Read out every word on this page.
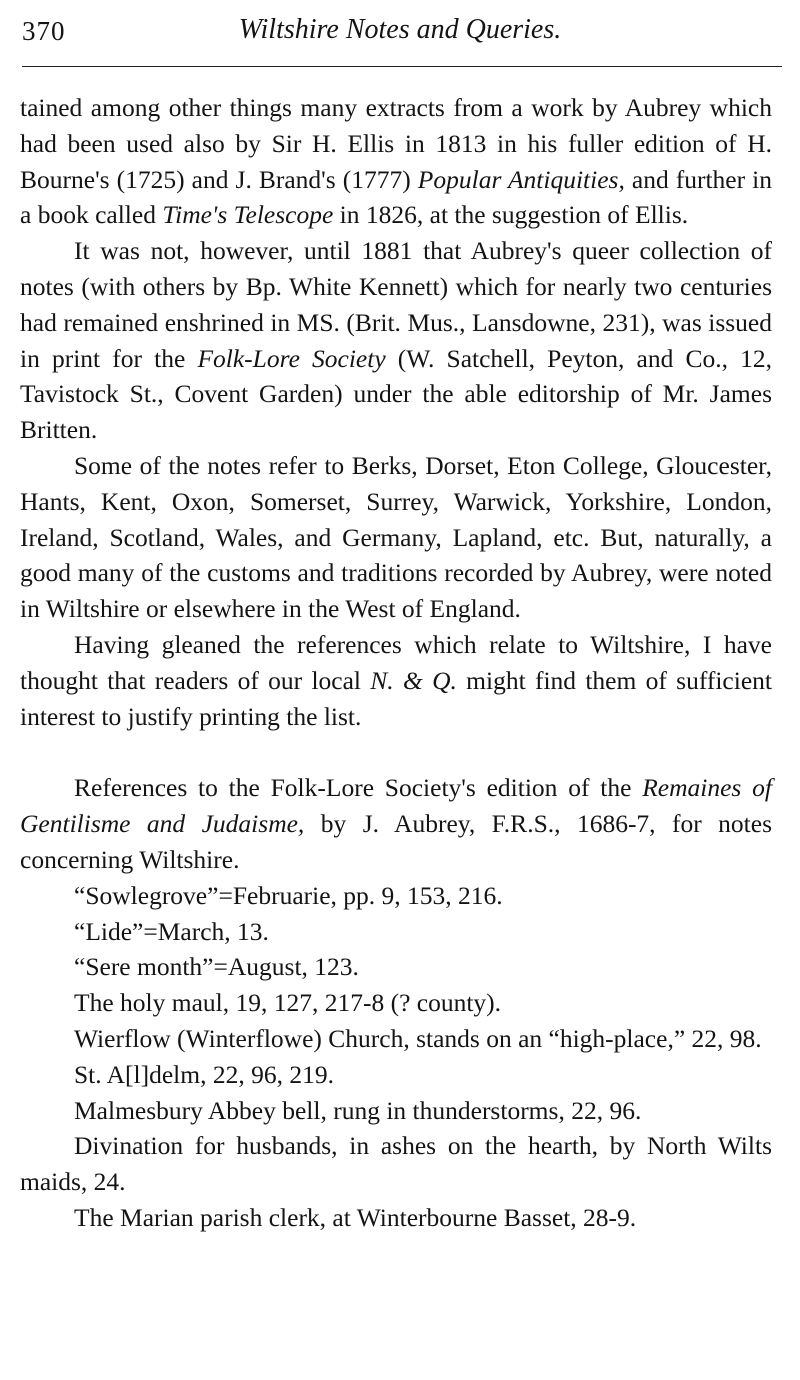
370	Wiltshire Notes and Queries.

tained among other things many extracts from a work by Aubrey which had been used also by Sir H. Ellis in 1813 in his fuller edition of H. Bourne's (1725) and J. Brand's (1777) Popular Antiquities, and further in a book called Time's Telescope in 1826, at the suggestion of Ellis.

It was not, however, until 1881 that Aubrey's queer collection of notes (with others by Bp. White Kennett) which for nearly two centuries had remained enshrined in MS. (Brit. Mus., Lansdowne, 231), was issued in print for the Folk-Lore Society (W. Satchell, Peyton, and Co., 12, Tavistock St., Covent Garden) under the able editorship of Mr. James Britten.

Some of the notes refer to Berks, Dorset, Eton College, Gloucester, Hants, Kent, Oxon, Somerset, Surrey, Warwick, Yorkshire, London, Ireland, Scotland, Wales, and Germany, Lapland, etc. But, naturally, a good many of the customs and traditions recorded by Aubrey, were noted in Wiltshire or elsewhere in the West of England.

Having gleaned the references which relate to Wiltshire, I have thought that readers of our local N. & Q. might find them of sufficient interest to justify printing the list.

References to the Folk-Lore Society's edition of the Remaines of Gentilisme and Judaisme, by J. Aubrey, F.R.S., 1686-7, for notes concerning Wiltshire.

“Sowlegrove”=Februarie, pp. 9, 153, 216.

“Lide”=March, 13.

“Sere month”=August, 123.

The holy maul, 19, 127, 217-8 (? county).

Wierflow (Winterflowe) Church, stands on an “high-place,” 22, 98.

St. A[l]delm, 22, 96, 219.

Malmesbury Abbey bell, rung in thunderstorms, 22, 96.

Divination for husbands, in ashes on the hearth, by North Wilts maids, 24.

The Marian parish clerk, at Winterbourne Basset, 28-9.
